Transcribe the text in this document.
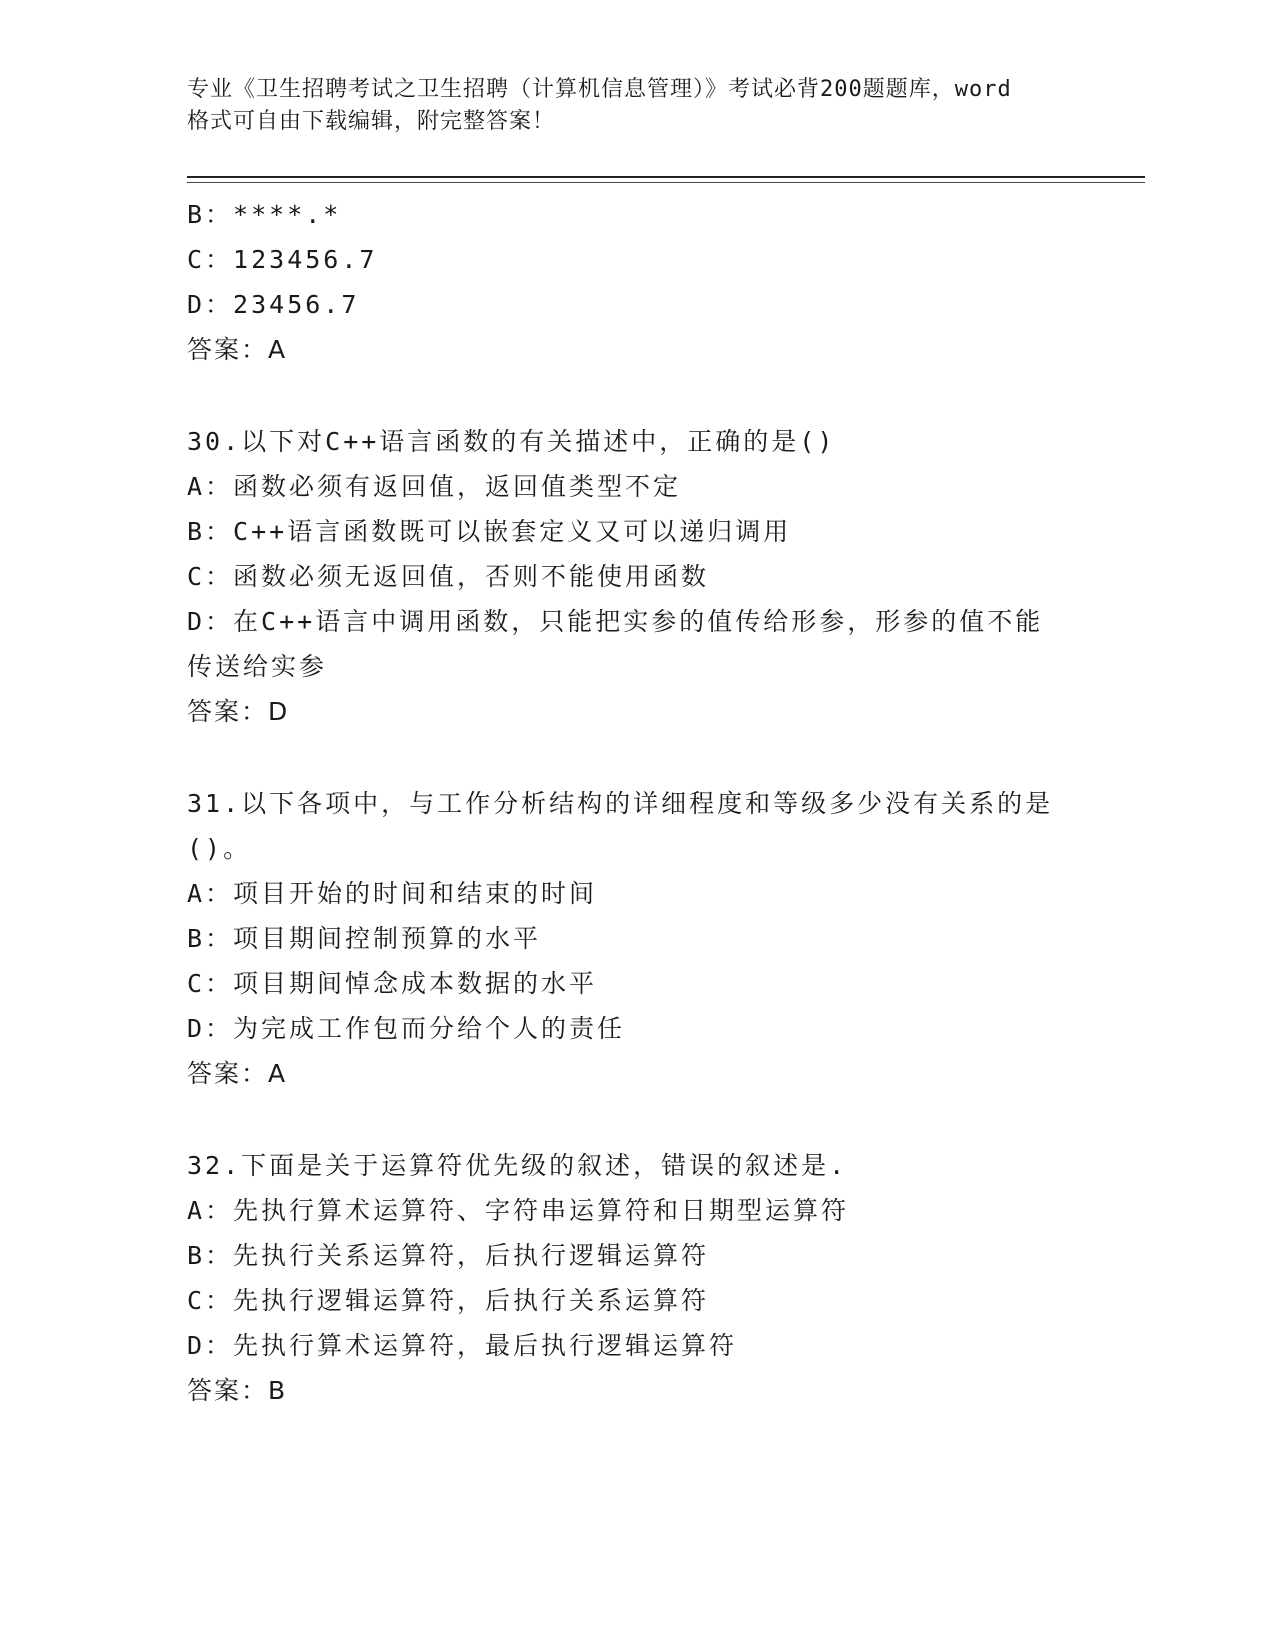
专业《卫生招聘考试之卫生招聘（计算机信息管理）》考试必背200题题库，word
格式可自由下载编辑，附完整答案！
B：****.*
C：123456.7
D：23456.7
答案：A
30.以下对C++语言函数的有关描述中，正确的是()
A：函数必须有返回值，返回值类型不定
B：C++语言函数既可以嵌套定义又可以递归调用
C：函数必须无返回值，否则不能使用函数
D：在C++语言中调用函数，只能把实参的值传给形参，形参的值不能
传送给实参
答案：D
31.以下各项中，与工作分析结构的详细程度和等级多少没有关系的是
()。
A：项目开始的时间和结束的时间
B：项目期间控制预算的水平
C：项目期间悼念成本数据的水平
D：为完成工作包而分给个人的责任
答案：A
32.下面是关于运算符优先级的叙述，错误的叙述是.
A：先执行算术运算符、字符串运算符和日期型运算符
B：先执行关系运算符，后执行逻辑运算符
C：先执行逻辑运算符，后执行关系运算符
D：先执行算术运算符，最后执行逻辑运算符
答案：B
